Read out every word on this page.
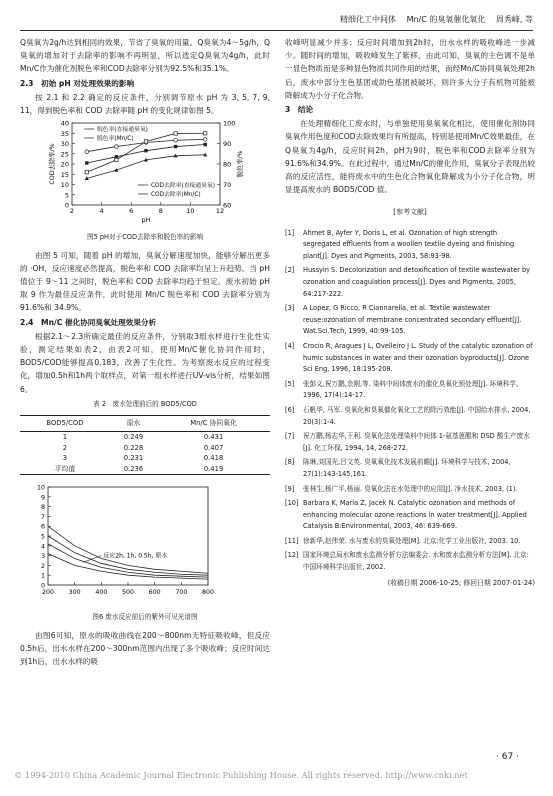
精细化工中间体 Mn/C 的臭氧催化氧化 周秀峰, 等

Q臭氧为2g/h达到相同的效果，节省了臭氧的用量。Q臭氧为4～5g/h，Q臭氧的增加对于去除率的影响不再明显，所以选定Q臭氧为4g/h，此时Mn/C作为催化剂脱色率和COD去除率分别为92.5%和35.1%。

2.3　初始 pH 对处理效果的影响

按 2.1 和 2.2 确定的反应条件，分别调节原水 pH 为 3, 5, 7, 9, 11，得到脱色率和 COD 去除率随 pH 的变化规律如图 5。

0
5
10
15
20
25
30
35
40
60
70
80
90
100
2	4	6	8	10	12
pH
COD去除率/%	脱色率/%
脱色率(直接通臭氧)
脱色率(Mn/C)
COD去除率(直接通臭氧)
COD去除率(Mn/C)
图5 pH对于COD去除率和脱色率的影响

由图 5 可知，随着 pH 的增加，臭氧分解速度加快，能够分解出更多的 ·OH，反应速度必然提高，脱色率和 COD 去除率均呈上升趋势。当 pH 值位于 9～11 之间时，脱色率和 COD 去除率均趋于恒定。废水初始 pH 取 9 作为最佳反应条件，此时使用 Mn/C 脱色率和 COD 去除率分别为 91.6%和 34.9%。

2.4　Mn/C 催化协同臭氧处理效果分析

根据2.1～2.3所确定最佳的反应条件，分别取3组水样进行生化性实验，测定结果如表2，由表2可知，使用Mn/C催化协同作用时，BOD5/COD能够提高0.183，改善了生化性。为考察废水反应的过程变化，增加0.5h和1h两个取样点，对第一组水样进行UV-vis分析，结果如图6。

表 2　废水处理前后的 BOD5/COD
BOD5/COD	原水	Mn/C 协同氧化
1	0.249	0.431
2	0.228	0.407
3	0.231	0.418
平均值	0.236	0.419
0
1
2
3
4
5
6
7
8
9
10
200 300 400 500 600 700 800
反应2h, 1h, 0.5h, 原水
图6 废水反应前后的紫外可见光谱图

由图6可知，原水的吸收曲线在200～800nm无特征吸收峰，但反应0.5h后，出水水样在200～300nm范围内出现了多个吸收峰；反应时间达到1h后，出水水样的吸

收峰明显减少并多；反应时间增加到2h时，出水水样的吸收峰进一步减少。随时间的增加，吸收峰发生了紫移。由此可知，臭氧的主色调不是单一显色物质而是多种显色物质共同作用的结果，而经Mn/C协同臭氧处理2h后，废水中部分生色基团或助色基团被破坏，则许多大分子有机物可能被降解成为小分子化合物。

3　结论

在处理精细化工废水时，与单独使用臭氧氧化相比，使用催化剂协同臭氧作用色度和COD去除效果均有所提高，特别是使用Mn/C效果最佳，在Q臭氧为4g/h，反应时间2h，pH为9时，脱色率和COD去除率分别为91.6%和34.9%。在此过程中，通过Mn/C的催化作用，臭氧分子表现出较高的反应活性，能将废水中的生色化合物氧化降解成为小分子化合物，明显提高废水的 BOD5/COD 值。

[参考文献]
[1]	Ahmet B, Ayfer Y, Doris L, et al. Ozonation of high strength segregated effluents from a woollen textile dyeing and finishing plant[J]. Dyes and Pigments, 2003, 58:93-98.
[2]	Hussyin S. Decolorization and detoxification of textile wastewater by ozonation and coagulation process[J]. Dyes and Pigments, 2005, 64:217-222.
[3]	A Lopez, G Ricco, R Ciannarella, et al. Textile wastewater reuse:ozonation of membrane concentrated secondary effluent[J]. Wat.Sci.Tech, 1999, 40:99-105.
[4]	Crocio R, Aragues J L, Ovelleiro J L. Study of the catalytic ozonation of humic substances in water and their ozonation byproducts[J]. Ozone Sci Eng, 1996, 18:195-208.
[5]	张彭义,祝万鹏,余刚,等. 染料中间体废水的催化臭氧化预处理[J]. 环境科学, 1996, 17(4):14-17.
[6]	石帆华, 马军. 臭氧化和臭氧催化氧化工艺的除污效能[J]. 中国给水排水, 2004, 20(3):1-4.
[7]	祝万鹏,杨志华,王利. 臭氧化法处理染料中间体 1-氨基蒽醌和 DSD 酸生产废水[J]. 化工环保, 1994, 14, 268-272.
[8]	陈琳,刘国光,吕文英. 臭氧氧化技术发展前瞻[J]. 环境科学与技术, 2004, 27(1):143-145,161.
[9]	张林生,杨广平,杨丽. 臭氧化法在水处理中的应用[J]. 净水技术, 2003, (1).
[10] Barbara K, Maria Z, Jacek N. Catalytic ozonation and methods of enhancing molecular ozone reactions in water treatment[J]. Applied Catalysis B:Environmental, 2003, 46: 639-669.
[11] 徐新华,赵伟荣. 水与废水的臭氧处理[M]. 北京:化学工业出版社, 2003. 10.
[12] 国家环境总局水和废水监测分析方法编委会. 水和废水监测分析方法[M]. 北京:中国环境科学出版社, 2002.
(收稿日期 2006-10-25; 修回日期 2007-01-24)
· 67 ·
© 1994-2010 China Academic Journal Electronic Publishing House. All rights reserved. http://www.cnki.net
